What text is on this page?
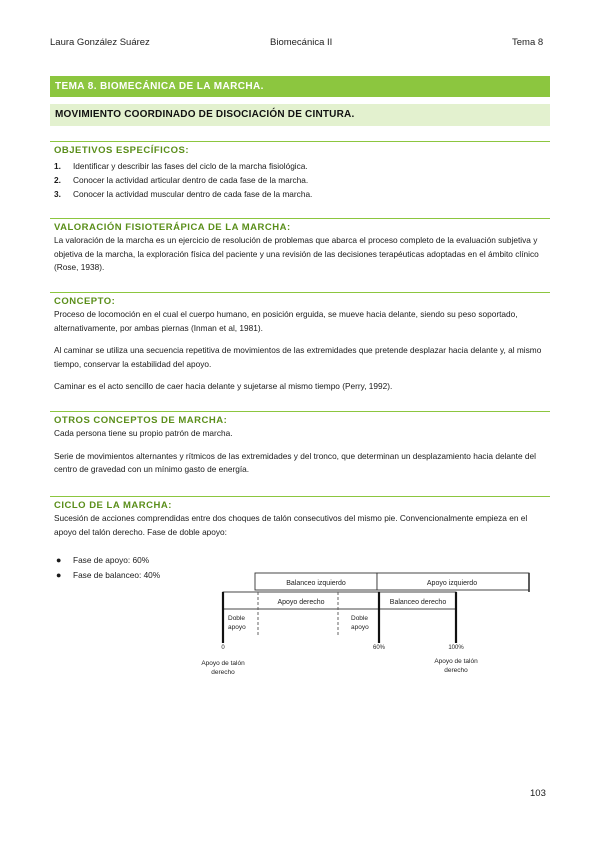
Laura González Suárez	Biomecánica II	Tema 8
TEMA 8. BIOMECÁNICA DE LA MARCHA.
MOVIMIENTO COORDINADO DE DISOCIACIÓN DE CINTURA.
OBJETIVOS ESPECÍFICOS:
1. Identificar y describir las fases del ciclo de la marcha fisiológica.
2. Conocer la actividad articular dentro de cada fase de la marcha.
3. Conocer la actividad muscular dentro de cada fase de la marcha.
VALORACIÓN FISIOTERÁPICA DE LA MARCHA:
La valoración de la marcha es un ejercicio de resolución de problemas que abarca el proceso completo de la evaluación subjetiva y objetiva de la marcha, la exploración física del paciente y una revisión de las decisiones terapéuticas adoptadas en el ámbito clínico (Rose, 1938).
CONCEPTO:
Proceso de locomoción en el cual el cuerpo humano, en posición erguida, se mueve hacia delante, siendo su peso soportado, alternativamente, por ambas piernas (Inman et al, 1981).
Al caminar se utiliza una secuencia repetitiva de movimientos de las extremidades que pretende desplazar hacia delante y, al mismo tiempo, conservar la estabilidad del apoyo.
Caminar es el acto sencillo de caer hacia delante y sujetarse al mismo tiempo (Perry, 1992).
OTROS CONCEPTOS DE MARCHA:
Cada persona tiene su propio patrón de marcha.
Serie de movimientos alternantes y rítmicos de las extremidades y del tronco, que determinan un desplazamiento hacia delante del centro de gravedad con un mínimo gasto de energía.
CICLO DE LA MARCHA:
Sucesión de acciones comprendidas entre dos choques de talón consecutivos del mismo pie. Convencionalmente empieza en el apoyo del talón derecho. Fase de doble apoyo:
● Fase de apoyo: 60%
● Fase de balanceo: 40%
Balanceo izquierdo	Apoyo izquierdo
Apoyo derecho	Balanceo derecho
Doble
apoyo
Doble
apoyo
0	60%	100%
Apoyo de talón
derecho
Apoyo de talón
derecho
103
